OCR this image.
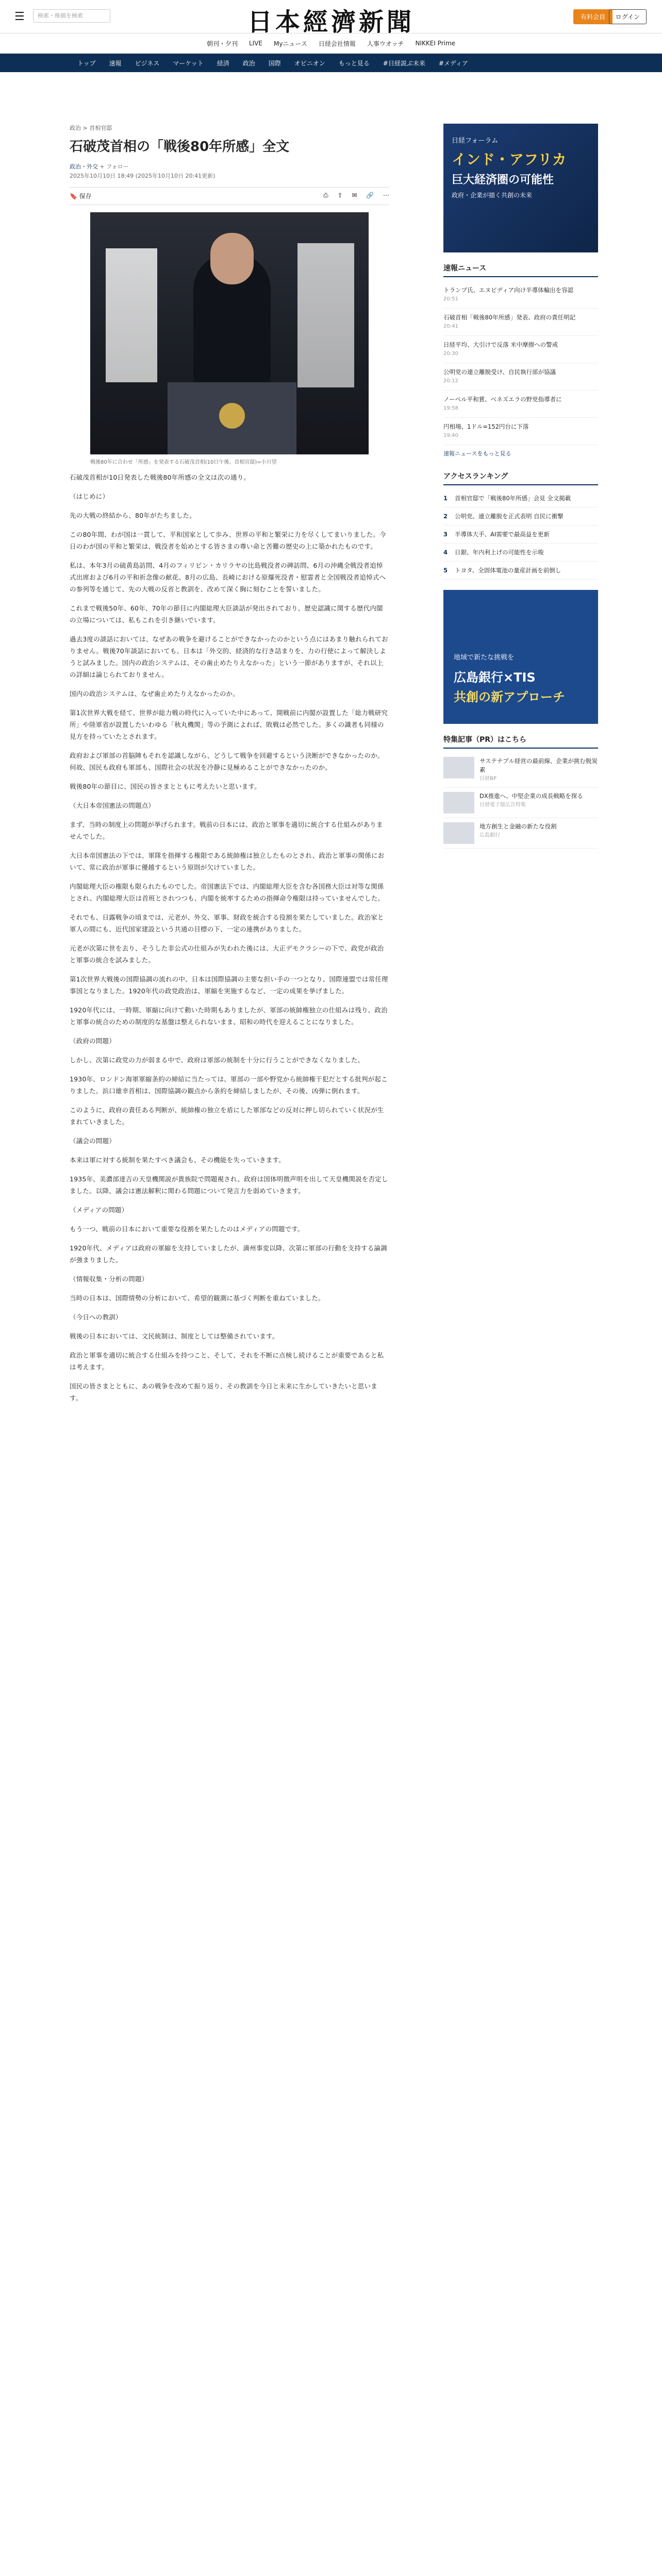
☰	検索・株価を検索	日本經濟新聞	有料会員	ログイン
朝刊・夕刊 LIVE Myニュース 日経会社情報 人事ウオッチ NIKKEI Prime
トップ 速報 ビジネス マーケット 経済 政治 国際 オピニオン もっと見る #日経説ぶ未来 #メディア
政治 > 首相官邸
石破茂首相の「戦後80年所感」全文
政治・外交 + フォロー
2025年10月10日 18:49 (2025年10月10日 20:41更新)
🔖 保存	⎙ ⇪ ✉ 🔗 ⋯
戦後80年に合わせ「所感」を発表する石破茂首相(10日午後、首相官邸)=小川望

石破茂首相が10日発表した戦後80年所感の全文は次の通り。

（はじめに）

先の大戦の終結から、80年がたちました。

この80年間、わが国は一貫して、平和国家として歩み、世界の平和と繁栄に力を尽くしてまいりました。今日のわが国の平和と繁栄は、戦没者を始めとする皆さまの尊い命と苦難の歴史の上に築かれたものです。

私は、本年3月の硫黄島訪問、4月のフィリピン・カリラヤの比島戦没者の碑訪問、6月の沖縄全戦没者追悼式出席および6月の平和祈念像の献花、8月の広島、長崎における原爆死没者・慰霊者と全国戦没者追悼式への参列等を通じて、先の大戦の反省と教訓を、改めて深く胸に刻むことを誓いました。

これまで戦後50年、60年、70年の節目に内閣総理大臣談話が発出されており、歴史認識に関する歴代内閣の立場については、私もこれを引き継いでいます。

過去3度の談話においては、なぜあの戦争を避けることができなかったのかという点にはあまり触れられておりません。戦後70年談話においても、日本は「外交的、経済的な行き詰まりを、力の行使によって解決しようと試みました。国内の政治システムは、その歯止めたりえなかった」という一節がありますが、それ以上の詳細は論じられておりません。

国内の政治システムは、なぜ歯止めたりえなかったのか。

第1次世界大戦を経て、世界が総力戦の時代に入っていた中にあって、開戦前に内閣が設置した「総力戦研究所」や陸軍省が設置したいわゆる「秋丸機関」等の予測によれば、敗戦は必然でした。多くの識者も同様の見方を持っていたとされます。

政府および軍部の首脳陣もそれを認識しながら、どうして戦争を回避するという決断ができなかったのか。何故、国民も政府も軍部も、国際社会の状況を冷静に見極めることができなかったのか。

戦後80年の節目に、国民の皆さまとともに考えたいと思います。

（大日本帝国憲法の問題点）

まず、当時の制度上の問題が挙げられます。戦前の日本には、政治と軍事を適切に統合する仕組みがありませんでした。

大日本帝国憲法の下では、軍隊を指揮する権限である統帥権は独立したものとされ、政治と軍事の関係において、常に政治が軍事に優越するという原則が欠けていました。

内閣総理大臣の権限も限られたものでした。帝国憲法下では、内閣総理大臣を含む各国務大臣は対等な関係とされ、内閣総理大臣は首班とされつつも、内閣を統率するための指揮命令権限は持っていませんでした。

それでも、日露戦争の頃までは、元老が、外交、軍事、財政を統合する役割を果たしていました。政治家と軍人の間にも、近代国家建設という共通の目標の下、一定の連携がありました。

元老が次第に世を去り、そうした非公式の仕組みが失われた後には、大正デモクラシーの下で、政党が政治と軍事の統合を試みました。

第1次世界大戦後の国際協調の流れの中、日本は国際協調の主要な担い手の一つとなり、国際連盟では常任理事国となりました。1920年代の政党政治は、軍縮を実施するなど、一定の成果を挙げました。

1920年代には、一時期、軍縮に向けて動いた時期もありましたが、軍部の統帥権独立の仕組みは残り、政治と軍事の統合のための制度的な基盤は整えられないまま、昭和の時代を迎えることになりました。

（政府の問題）

しかし、次第に政党の力が弱まる中で、政府は軍部の統制を十分に行うことができなくなりました。

1930年、ロンドン海軍軍縮条約の締結に当たっては、軍部の一部や野党から統帥権干犯だとする批判が起こりました。浜口雄幸首相は、国際協調の観点から条約を締結しましたが、その後、凶弾に倒れます。

このように、政府の責任ある判断が、統帥権の独立を盾にした軍部などの反対に押し切られていく状況が生まれていきました。

（議会の問題）

本来は軍に対する統制を果たすべき議会も、その機能を失っていきます。

1935年、美濃部達吉の天皇機関説が貴族院で問題視され、政府は国体明徴声明を出して天皇機関説を否定しました。以降、議会は憲法解釈に関わる問題について発言力を弱めていきます。

（メディアの問題）

もう一つ、戦前の日本において重要な役割を果たしたのはメディアの問題です。

1920年代、メディアは政府の軍縮を支持していましたが、満州事変以降、次第に軍部の行動を支持する論調が強まりました。

（情報収集・分析の問題）

当時の日本は、国際情勢の分析において、希望的観測に基づく判断を重ねていました。

（今日への教訓）

戦後の日本においては、文民統制は、制度としては整備されています。

政治と軍事を適切に統合する仕組みを持つこと、そして、それを不断に点検し続けることが重要であると私は考えます。

国民の皆さまとともに、あの戦争を改めて振り返り、その教訓を今日と未来に生かしていきたいと思います。

日経フォーラム
インド・アフリカ
巨大経済圏の可能性
政府・企業が描く共創の未来
速報ニュース
トランプ氏、エヌビディア向け半導体輸出を容認
20:51
石破首相「戦後80年所感」発表、政府の責任明記
20:41
日経平均、大引けで反落 米中摩擦への警戒
20:30
公明党の連立離脱受け、自民執行部が協議
20:12
ノーベル平和賞、ベネズエラの野党指導者に
19:58
円相場、1ドル=152円台に下落
19:40
速報ニュースをもっと見る
アクセスランキング
1	首相官邸で「戦後80年所感」会見 全文掲載
2	公明党、連立離脱を正式表明 自民に衝撃
3	半導体大手、AI需要で最高益を更新
4	日銀、年内利上げの可能性を示唆
5	トヨタ、全固体電池の量産計画を前倒し
地域で新たな挑戦を
広島銀行×TIS
共創の新アプローチ
特集記事（PR）はこちら
サステナブル経営の最前線、企業が挑む脱炭素
日経BP
DX推進へ、中堅企業の成長戦略を探る
日経電子版広告特集
地方創生と金融の新たな役割
広島銀行
